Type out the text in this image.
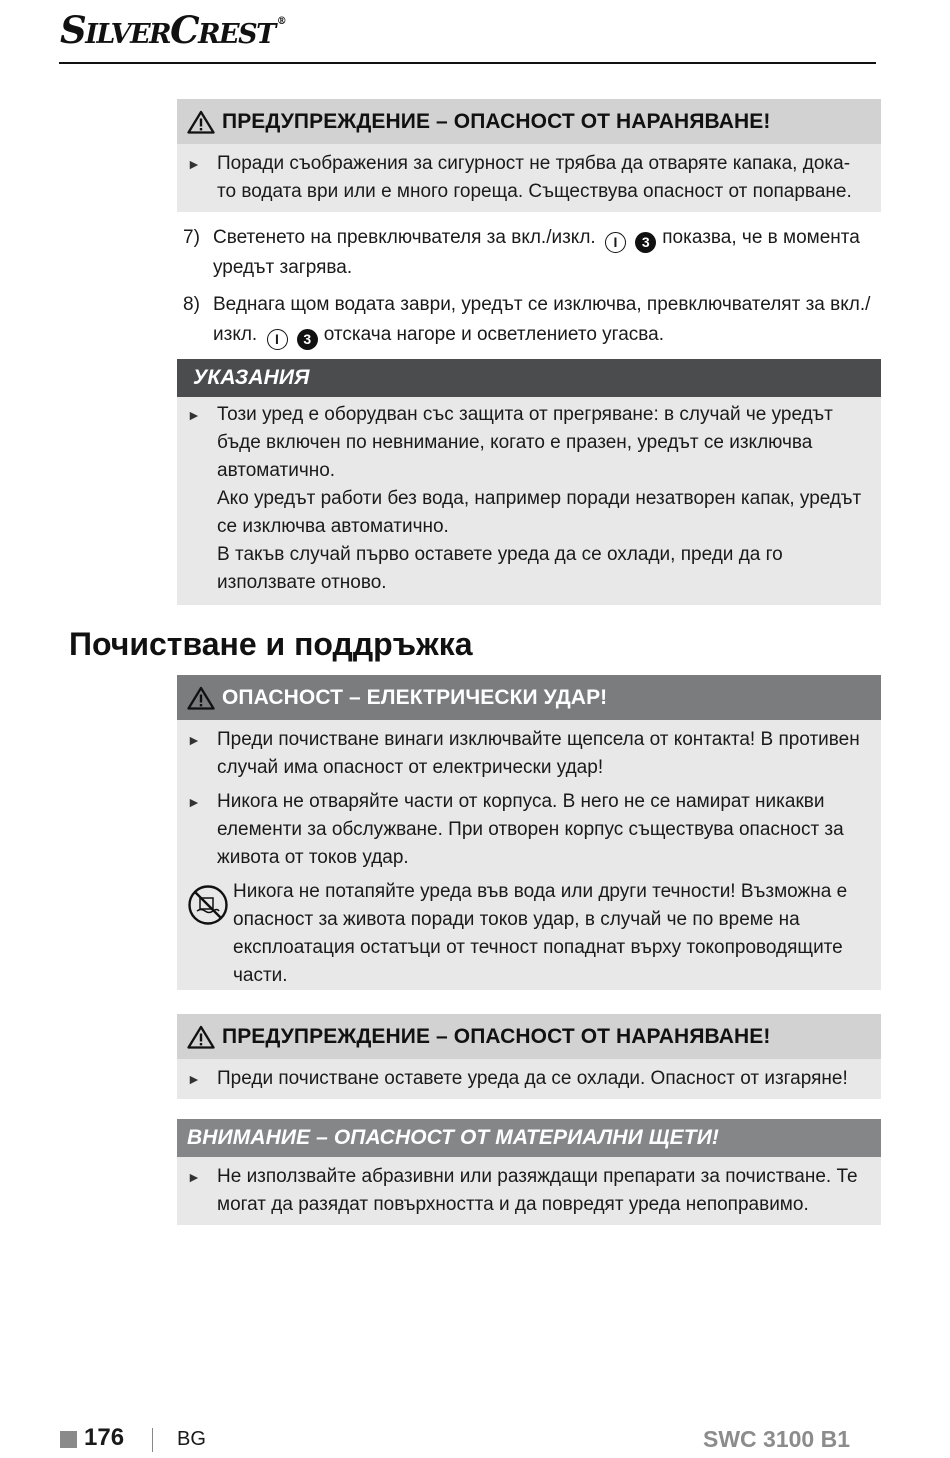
SILVERCREST ®
ПРЕДУПРЕЖДЕНИЕ – ОПАСНОСТ ОТ НАРАНЯВАНЕ!
► Поради съображения за сигурност не трябва да отваряте капака, дока-то водата ври или е много гореща. Съществува опасност от попарване.
7) Светенето на превключвателя за вкл./изкл. I 3 показва, че в момента уредът загрява.
8) Веднага щом водата заври, уредът се изключва, превключвателят за вкл./ изкл. I 3 отскача нагоре и осветлението угасва.
УКАЗАНИЯ
► Този уред е оборудван със защита от прегряване: в случай че уредът бъде включен по невнимание, когато е празен, уредът се изключва автоматично.
Ако уредът работи без вода, например поради незатворен капак, уредът се изключва автоматично.
В такъв случай първо оставете уреда да се охлади, преди да го използвате отново.
Почистване и поддръжка
ОПАСНОСТ – ЕЛЕКТРИЧЕСКИ УДАР!
► Преди почистване винаги изключвайте щепсела от контакта! В противен случай има опасност от електрически удар!
► Никога не отваряйте части от корпуса. В него не се намират никакви елементи за обслужване. При отворен корпус съществува опасност за живота от токов удар.
Никога не потапяйте уреда във вода или други течности! Възможна е опасност за живота поради токов удар, в случай че по време на експлоатация остатъци от течност попаднат върху токопроводящите части.
ПРЕДУПРЕЖДЕНИЕ – ОПАСНОСТ ОТ НАРАНЯВАНЕ!
► Преди почистване оставете уреда да се охлади. Опасност от изгаряне!
ВНИМАНИЕ – ОПАСНОСТ ОТ МАТЕРИАЛНИ ЩЕТИ!
► Не използвайте абразивни или разяждащи препарати за почистване. Те могат да разядат повърхността и да повредят уреда непоправимо.
176	BG	SWC 3100 B1
